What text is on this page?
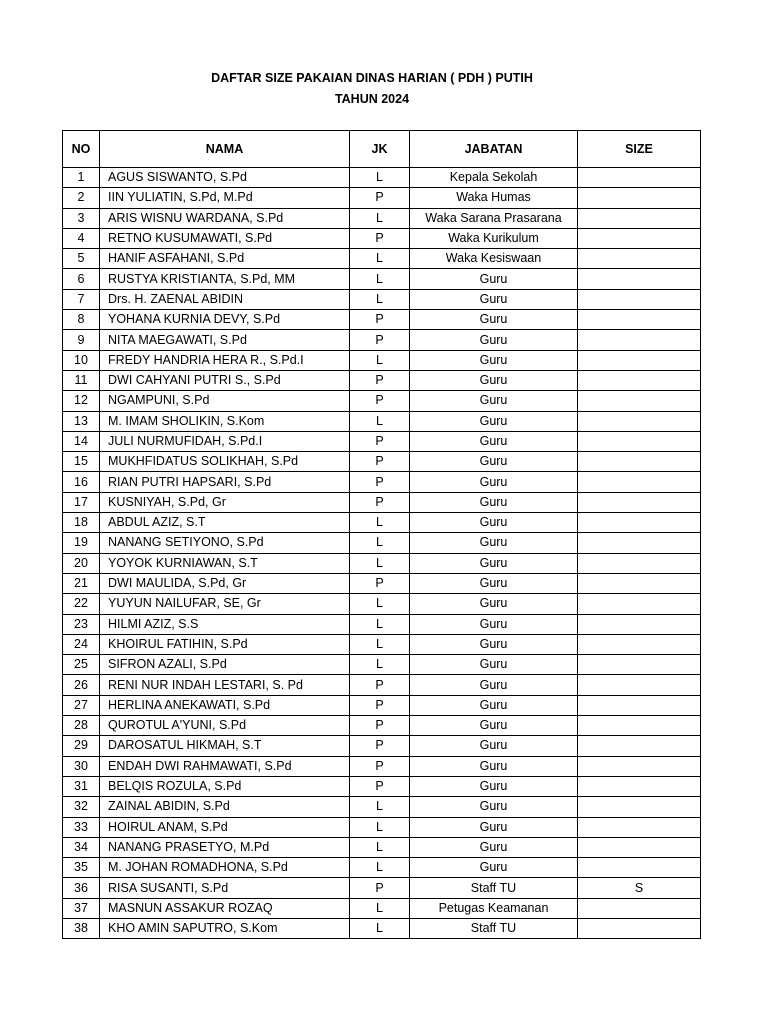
DAFTAR SIZE PAKAIAN DINAS HARIAN ( PDH ) PUTIH
TAHUN 2024
NO	NAMA	JK	JABATAN	SIZE
1	AGUS SISWANTO, S.Pd	L	Kepala Sekolah	
2	IIN YULIATIN, S.Pd, M.Pd	P	Waka Humas	
3	ARIS WISNU WARDANA, S.Pd	L	Waka Sarana Prasarana	
4	RETNO KUSUMAWATI, S.Pd	P	Waka Kurikulum	
5	HANIF ASFAHANI, S.Pd	L	Waka Kesiswaan	
6	RUSTYA KRISTIANTA, S.Pd, MM	L	Guru	
7	Drs. H. ZAENAL ABIDIN	L	Guru	
8	YOHANA KURNIA DEVY, S.Pd	P	Guru	
9	NITA MAEGAWATI, S.Pd	P	Guru	
10	FREDY HANDRIA HERA R., S.Pd.I	L	Guru	
11	DWI CAHYANI PUTRI S., S.Pd	P	Guru	
12	NGAMPUNI, S.Pd	P	Guru	
13	M. IMAM SHOLIKIN, S.Kom	L	Guru	
14	JULI NURMUFIDAH, S.Pd.I	P	Guru	
15	MUKHFIDATUS SOLIKHAH, S.Pd	P	Guru	
16	RIAN PUTRI HAPSARI, S.Pd	P	Guru	
17	KUSNIYAH, S.Pd, Gr	P	Guru	
18	ABDUL AZIZ, S.T	L	Guru	
19	NANANG SETIYONO, S.Pd	L	Guru	
20	YOYOK KURNIAWAN, S.T	L	Guru	
21	DWI MAULIDA, S.Pd, Gr	P	Guru	
22	YUYUN NAILUFAR, SE, Gr	L	Guru	
23	HILMI AZIZ, S.S	L	Guru	
24	KHOIRUL FATIHIN, S.Pd	L	Guru	
25	SIFRON AZALI, S.Pd	L	Guru	
26	RENI NUR INDAH LESTARI, S. Pd	P	Guru	
27	HERLINA ANEKAWATI, S.Pd	P	Guru	
28	QUROTUL A'YUNI, S.Pd	P	Guru	
29	DAROSATUL HIKMAH, S.T	P	Guru	
30	ENDAH DWI RAHMAWATI, S.Pd	P	Guru	
31	BELQIS ROZULA, S.Pd	P	Guru	
32	ZAINAL ABIDIN, S.Pd	L	Guru	
33	HOIRUL ANAM, S.Pd	L	Guru	
34	NANANG PRASETYO, M.Pd	L	Guru	
35	M. JOHAN ROMADHONA, S.Pd	L	Guru	
36	RISA SUSANTI, S.Pd	P	Staff TU	S
37	MASNUN ASSAKUR ROZAQ	L	Petugas Keamanan	
38	KHO AMIN SAPUTRO, S.Kom	L	Staff TU	
